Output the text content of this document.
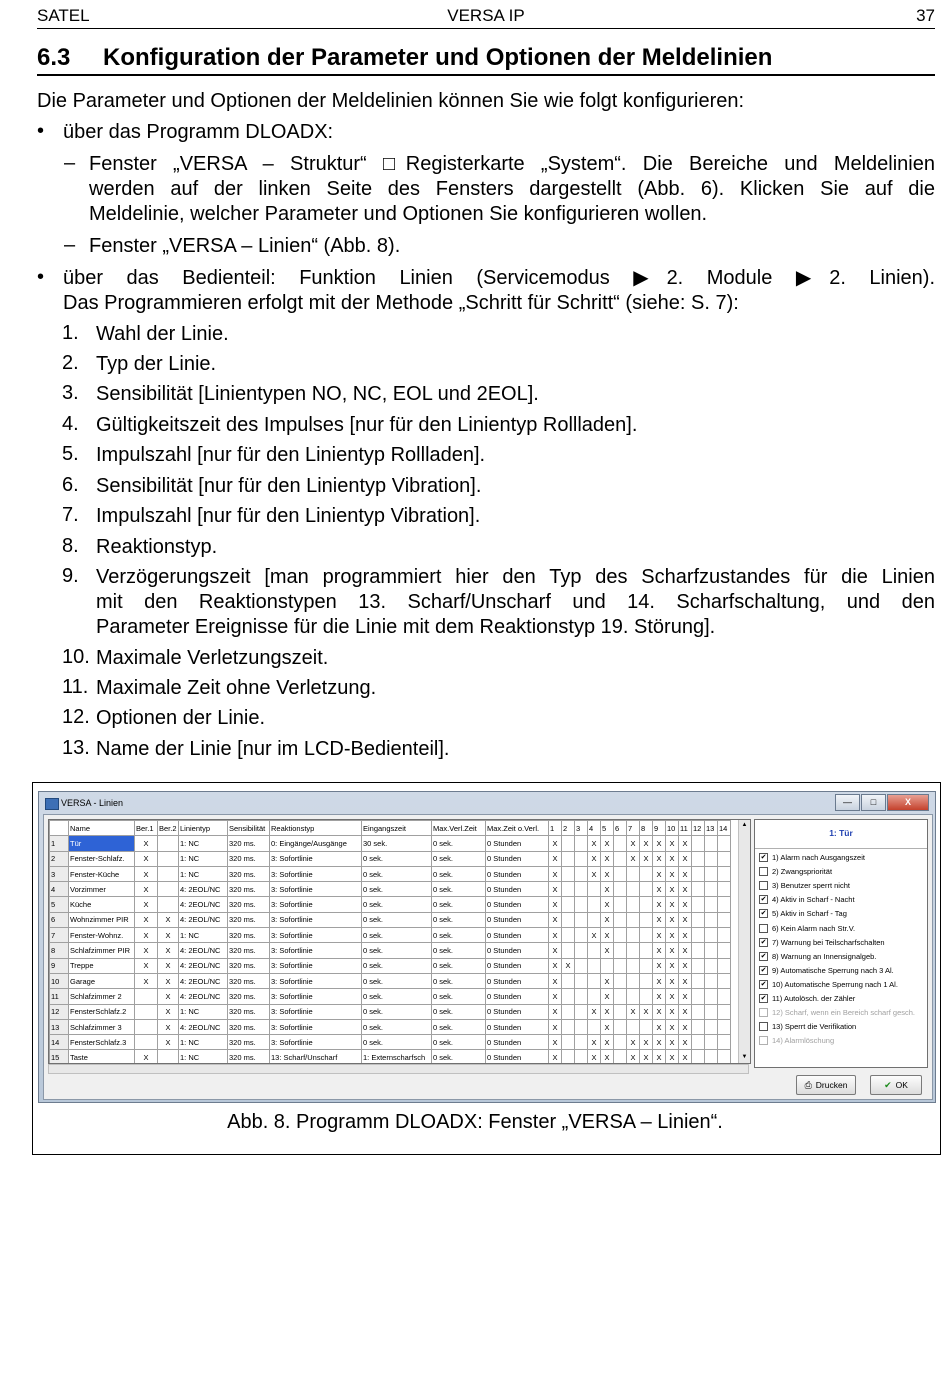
SATEL	VERSA IP	37
6.3 Konfiguration der Parameter und Optionen der Meldelinien
Die Parameter und Optionen der Meldelinien können Sie wie folgt konfigurieren:
• über das Programm DLOADX:
– Fenster „VERSA – Struktur“ □Registerkarte „System“. Die Bereiche und Meldelinien
werden auf der linken Seite des Fensters dargestellt (Abb. 6). Klicken Sie auf die
Meldelinie, welcher Parameter und Optionen Sie konfigurieren wollen.
– Fenster „VERSA – Linien“ (Abb. 8).
• über das Bedienteil: Funktion Linien (Servicemodus ▶2. Module ▶2. Linien).
Das Programmieren erfolgt mit der Methode „Schritt für Schritt“ (siehe: S. 7):
1. Wahl der Linie.
2. Typ der Linie.
3. Sensibilität [Linientypen NO, NC, EOL und 2EOL].
4. Gültigkeitszeit des Impulses [nur für den Linientyp Rollladen].
5. Impulszahl [nur für den Linientyp Rollladen].
6. Sensibilität [nur für den Linientyp Vibration].
7. Impulszahl [nur für den Linientyp Vibration].
8. Reaktionstyp.
9. Verzögerungszeit [man programmiert hier den Typ des Scharfzustandes für die Linien
mit den Reaktionstypen 13. Scharf/Unscharf und 14. Scharfschaltung, und den
Parameter Ereignisse für die Linie mit dem Reaktionstyp 19. Störung].
10. Maximale Verletzungszeit.
11. Maximale Zeit ohne Verletzung.
12. Optionen der Linie.
13. Name der Linie [nur im LCD-Bedienteil].
VERSA - Linien	—	□	X
	Name	Ber.1	Ber.2	Linientyp	Sensibilität	Reaktionstyp	Eingangszeit	Max.Verl.Zeit	Max.Zeit o.Verl.	1	2	3	4	5	6	7	8	9	10	11	12	13	14
1	Tür	X		1: NC	320 ms.	0: Eingänge/Ausgänge	30 sek.	0 sek.	0 Stunden	X			X	X		X	X	X	X	X			
2	Fenster-Schlafz.	X		1: NC	320 ms.	3: Sofortlinie	0 sek.	0 sek.	0 Stunden	X			X	X		X	X	X	X	X			
3	Fenster-Küche	X		1: NC	320 ms.	3: Sofortlinie	0 sek.	0 sek.	0 Stunden	X			X	X				X	X	X			
4	Vorzimmer	X		4: 2EOL/NC	320 ms.	3: Sofortlinie	0 sek.	0 sek.	0 Stunden	X				X				X	X	X			
5	Küche	X		4: 2EOL/NC	320 ms.	3: Sofortlinie	0 sek.	0 sek.	0 Stunden	X				X				X	X	X			
6	Wohnzimmer PIR	X	X	4: 2EOL/NC	320 ms.	3: Sofortlinie	0 sek.	0 sek.	0 Stunden	X				X				X	X	X			
7	Fenster-Wohnz.	X	X	1: NC	320 ms.	3: Sofortlinie	0 sek.	0 sek.	0 Stunden	X			X	X				X	X	X			
8	Schlafzimmer PIR	X	X	4: 2EOL/NC	320 ms.	3: Sofortlinie	0 sek.	0 sek.	0 Stunden	X				X				X	X	X			
9	Treppe	X	X	4: 2EOL/NC	320 ms.	3: Sofortlinie	0 sek.	0 sek.	0 Stunden	X	X							X	X	X			
10	Garage	X	X	4: 2EOL/NC	320 ms.	3: Sofortlinie	0 sek.	0 sek.	0 Stunden	X				X				X	X	X			
11	Schlafzimmer 2		X	4: 2EOL/NC	320 ms.	3: Sofortlinie	0 sek.	0 sek.	0 Stunden	X				X				X	X	X			
12	FensterSchlafz.2		X	1: NC	320 ms.	3: Sofortlinie	0 sek.	0 sek.	0 Stunden	X			X	X		X	X	X	X	X			
13	Schlafzimmer 3		X	4: 2EOL/NC	320 ms.	3: Sofortlinie	0 sek.	0 sek.	0 Stunden	X				X				X	X	X			
14	FensterSchlafz.3		X	1: NC	320 ms.	3: Sofortlinie	0 sek.	0 sek.	0 Stunden	X			X	X		X	X	X	X	X			
15	Taste	X		1: NC	320 ms.	13: Scharf/Unscharf	1: Externscharfsch	0 sek.	0 Stunden	X			X	X		X	X	X	X	X			
▲
▼
1: Tür
✔ 1) Alarm nach Ausgangszeit
2) Zwangspriorität
3) Benutzer sperrt nicht
✔ 4) Aktiv in Scharf - Nacht
✔ 5) Aktiv in Scharf - Tag
6) Kein Alarm nach Str.V.
✔ 7) Warnung bei Teilscharfschalten
✔ 8) Warnung an Innensignalgeb.
✔ 9) Automatische Sperrung nach 3 Al.
✔ 10) Automatische Sperrung nach 1 Al.
✔ 11) Autolösch. der Zähler
12) Scharf, wenn ein Bereich scharf gesch.
13) Sperrt die Verifikation
14) Alarmlöschung
⎙ Drucken	✔ OK
Abb. 8. Programm DLOADX: Fenster „VERSA – Linien“.
